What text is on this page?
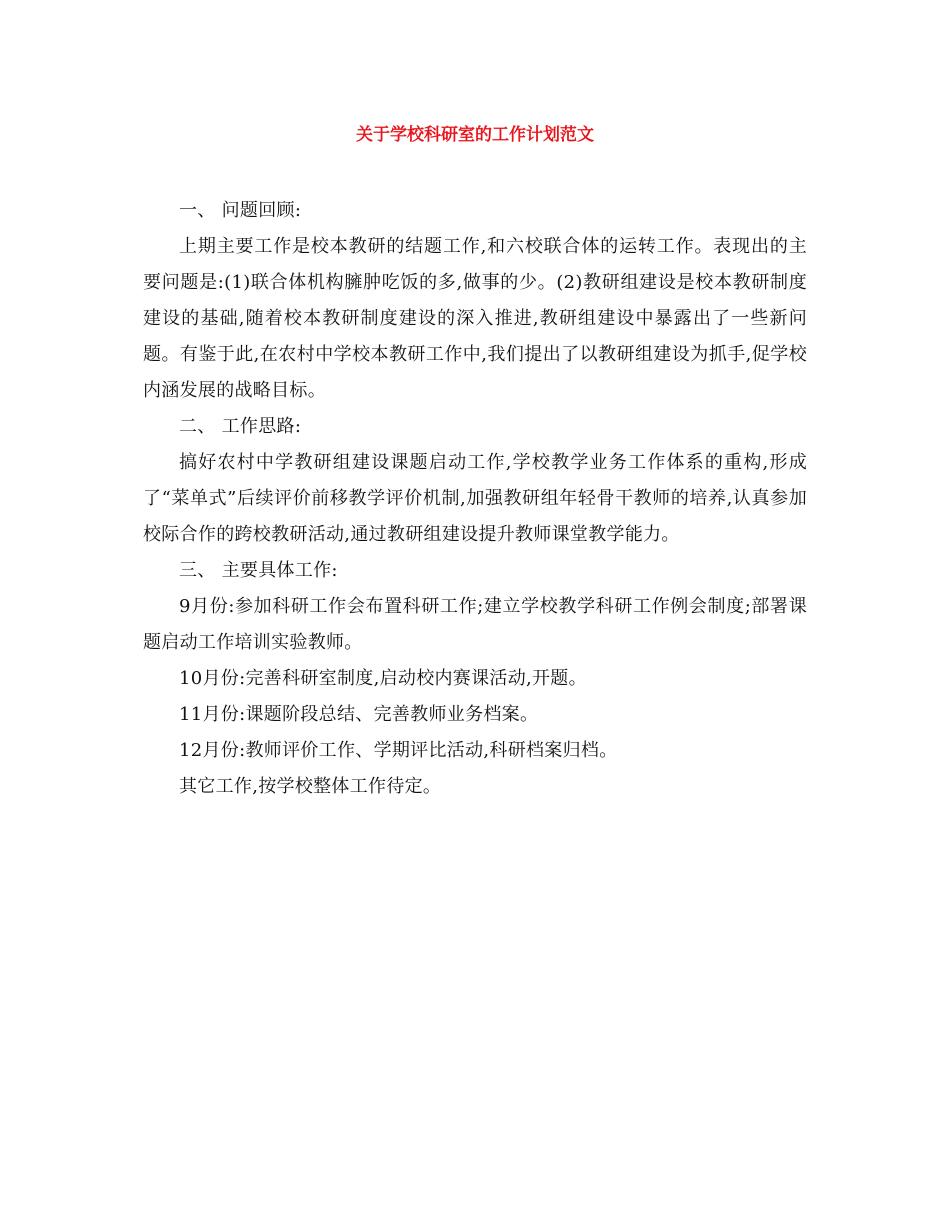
关于学校科研室的工作计划范文

一、 问题回顾:

上期主要工作是校本教研的结题工作,和六校联合体的运转工作。表现出的主要问题是:(1)联合体机构臃肿吃饭的多,做事的少。(2)教研组建设是校本教研制度建设的基础,随着校本教研制度建设的深入推进,教研组建设中暴露出了一些新问题。有鉴于此,在农村中学校本教研工作中,我们提出了以教研组建设为抓手,促学校内涵发展的战略目标。

二、 工作思路:

搞好农村中学教研组建设课题启动工作,学校教学业务工作体系的重构,形成了“菜单式”后续评价前移教学评价机制,加强教研组年轻骨干教师的培养,认真参加校际合作的跨校教研活动,通过教研组建设提升教师课堂教学能力。

三、 主要具体工作:

9月份:参加科研工作会布置科研工作;建立学校教学科研工作例会制度;部署课题启动工作培训实验教师。

10月份:完善科研室制度,启动校内赛课活动,开题。

11月份:课题阶段总结、完善教师业务档案。

12月份:教师评价工作、学期评比活动,科研档案归档。

其它工作,按学校整体工作待定。
